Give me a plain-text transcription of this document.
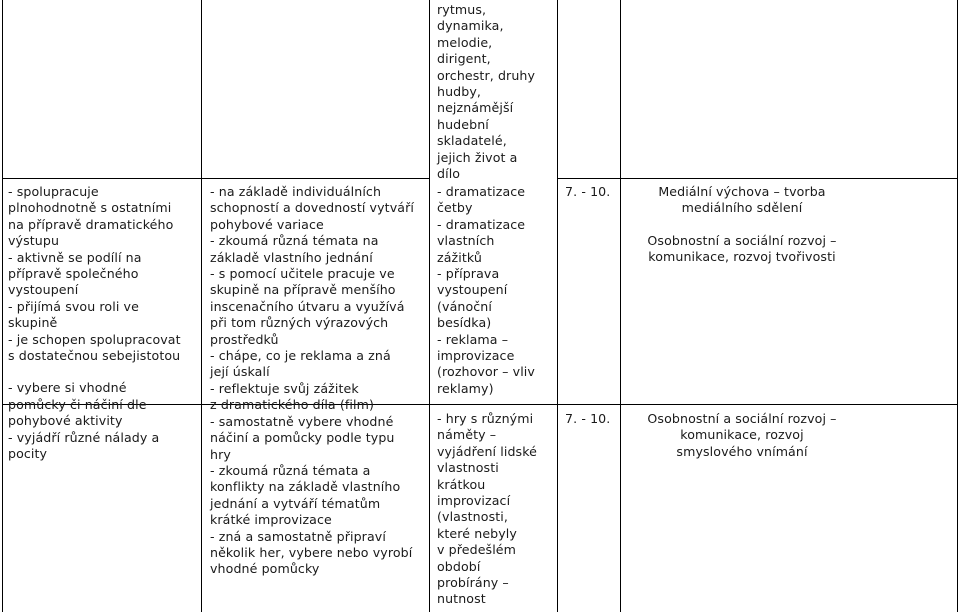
- spolupracuje
plnohodnotně s ostatními
na přípravě dramatického
výstupu
- aktivně se podílí na
přípravě společného
vystoupení
- přijímá svou roli ve
skupině
- je schopen spolupracovat
s dostatečnou sebejistotou

- vybere si vhodné
pomůcky či náčiní dle
pohybové aktivity
- vyjádří různé nálady a
pocity

- na základě individuálních
schopností a dovedností vytváří
pohybové variace
- zkoumá různá témata na
základě vlastního jednání
- s pomocí učitele pracuje ve
skupině na přípravě menšího
inscenačního útvaru a využívá
při tom různých výrazových
prostředků
- chápe, co je reklama a zná
její úskalí
- reflektuje svůj zážitek
z dramatického díla (film)
- samostatně vybere vhodné
náčiní a pomůcky podle typu
hry
- zkoumá různá témata a
konflikty na základě vlastního
jednání a vytváří tématům
krátké improvizace
- zná a samostatně připraví
několik her, vybere nebo vyrobí
vhodné pomůcky

rytmus,
dynamika,
melodie,
dirigent,
orchestr, druhy
hudby,
nejznámější
hudební
skladatelé,
jejich život a
dílo

- dramatizace
četby
- dramatizace
vlastních
zážitků
- příprava
vystoupení
(vánoční
besídka)
- reklama –
improvizace
(rozhovor – vliv
reklamy)

7. - 10.	Mediální výchova – tvorba
mediálního sdělení

Osobnostní a sociální rozvoj –
komunikace, rozvoj tvořivosti

- hry s různými
náměty –
vyjádření lidské
vlastnosti
krátkou
improvizací
(vlastnosti,
které nebyly
v předešlém
období
probírány –
nutnost

7. - 10.	Osobnostní a sociální rozvoj –
komunikace, rozvoj
smyslového vnímání
